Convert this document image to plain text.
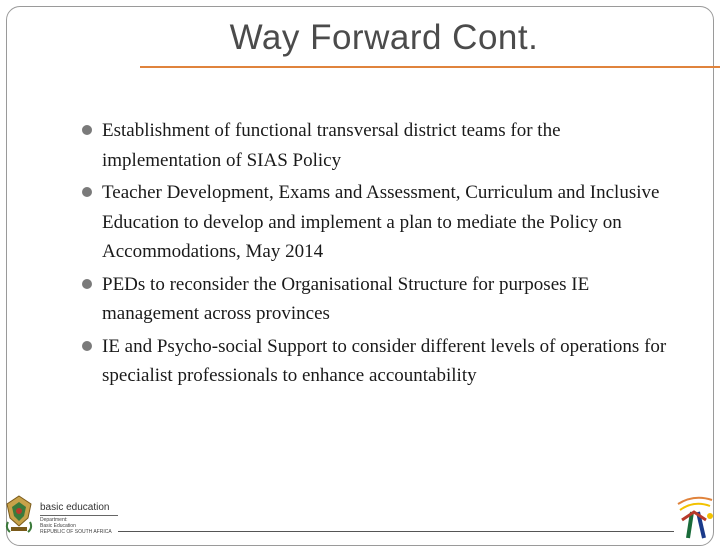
Way Forward Cont.
Establishment of functional transversal district teams for the implementation of SIAS Policy
Teacher Development, Exams and Assessment, Curriculum and Inclusive Education to develop and implement a plan to mediate the Policy on Accommodations, May 2014
PEDs to reconsider the Organisational Structure for purposes IE management across provinces
IE and Psycho-social Support to consider different levels of operations for specialist professionals to enhance accountability
basic education
Department:
Basic Education
REPUBLIC OF SOUTH AFRICA
